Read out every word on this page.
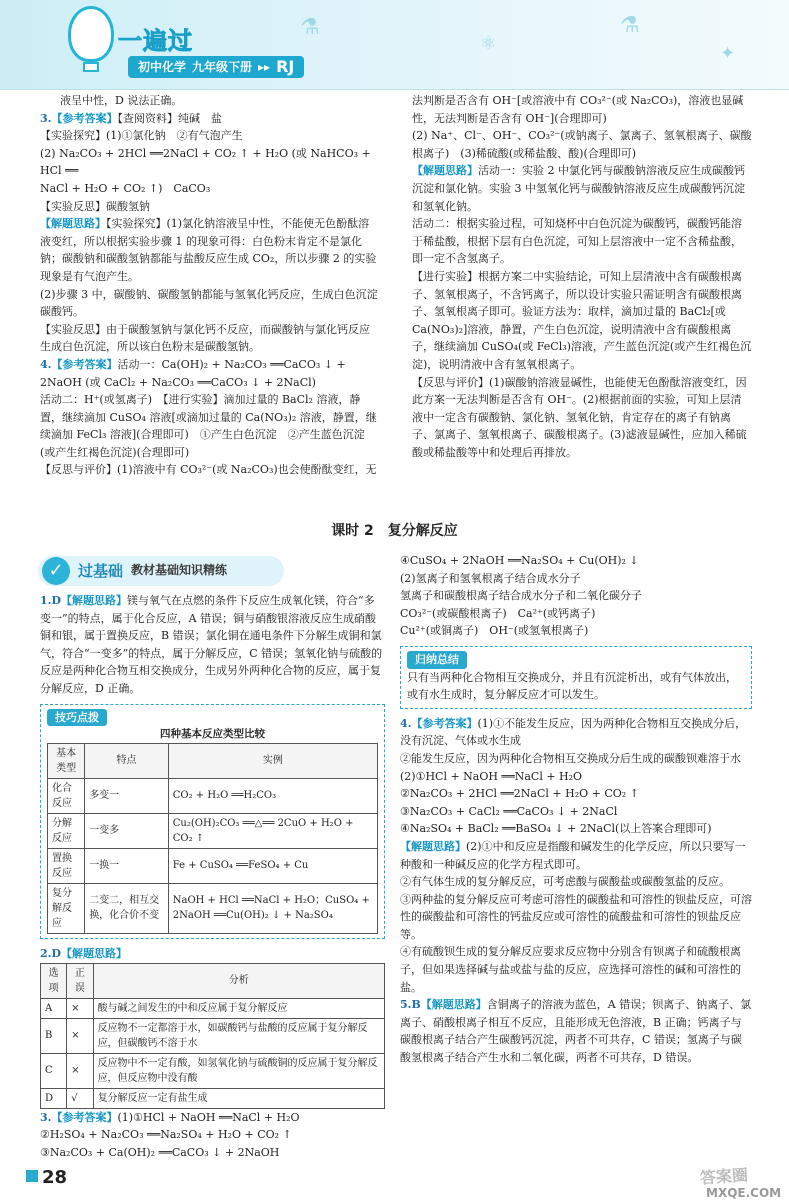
⚗
⚛
⚗
✦
一遍过
初中化学 九年级下册 ▸▸ RJ

液呈中性，D 说法正确。

3.【参考答案】【查阅资料】纯碱　盐

【实验探究】(1)①氯化钠　②有气泡产生

(2) Na₂CO₃ + 2HCl ══2NaCl + CO₂ ↑ + H₂O (或 NaHCO₃ + HCl ══

NaCl + H₂O + CO₂ ↑)　CaCO₃

【实验反思】碳酸氢钠

【解题思路】【实验探究】(1)氯化钠溶液呈中性，不能使无色酚酞溶液变红，所以根据实验步骤 1 的现象可得：白色粉末肯定不是氯化钠；碳酸钠和碳酸氢钠都能与盐酸反应生成 CO₂，所以步骤 2 的实验现象是有气泡产生。

(2)步骤 3 中，碳酸钠、碳酸氢钠都能与氢氧化钙反应，生成白色沉淀碳酸钙。

【实验反思】由于碳酸氢钠与氯化钙不反应，而碳酸钠与氯化钙反应生成白色沉淀，所以该白色粉末是碳酸氢钠。

4.【参考答案】活动一：Ca(OH)₂ + Na₂CO₃ ══CaCO₃ ↓ + 2NaOH (或 CaCl₂ + Na₂CO₃ ══CaCO₃ ↓ + 2NaCl)

活动二：H⁺(或氢离子)　【进行实验】滴加过量的 BaCl₂ 溶液，静置，继续滴加 CuSO₄ 溶液[或滴加过量的 Ca(NO₃)₂ 溶液，静置，继续滴加 FeCl₃ 溶液](合理即可)　①产生白色沉淀　②产生蓝色沉淀(或产生红褐色沉淀)(合理即可)

【反思与评价】(1)溶液中有 CO₃²⁻(或 Na₂CO₃)也会使酚酞变红，无

法判断是否含有 OH⁻[或溶液中有 CO₃²⁻(或 Na₂CO₃)，溶液也显碱性，无法判断是否含有 OH⁻](合理即可)

(2) Na⁺、Cl⁻、OH⁻、CO₃²⁻(或钠离子、氯离子、氢氧根离子、碳酸根离子)　(3)稀硫酸(或稀盐酸、酸)(合理即可)

【解题思路】活动一：实验 2 中氯化钙与碳酸钠溶液反应生成碳酸钙沉淀和氯化钠。实验 3 中氢氧化钙与碳酸钠溶液反应生成碳酸钙沉淀和氢氧化钠。

活动二：根据实验过程，可知烧杯中白色沉淀为碳酸钙，碳酸钙能溶于稀盐酸，根据下层有白色沉淀，可知上层溶液中一定不含稀盐酸，即一定不含氢离子。

【进行实验】根据方案二中实验结论，可知上层清液中含有碳酸根离子、氢氧根离子，不含钙离子，所以设计实验只需证明含有碳酸根离子、氢氧根离子即可。验证方法为：取样，滴加过量的 BaCl₂[或 Ca(NO₃)₂]溶液，静置，产生白色沉淀，说明清液中含有碳酸根离子，继续滴加 CuSO₄(或 FeCl₃)溶液，产生蓝色沉淀(或产生红褐色沉淀)，说明清液中含有氢氧根离子。

【反思与评价】(1)碳酸钠溶液显碱性，也能使无色酚酞溶液变红，因此方案一无法判断是否含有 OH⁻。(2)根据前面的实验，可知上层清液中一定含有碳酸钠、氯化钠、氢氧化钠，肯定存在的离子有钠离子、氯离子、氢氧根离子、碳酸根离子。(3)滤液显碱性，应加入稀硫酸或稀盐酸等中和处理后再排放。

课时 2　复分解反应
✓ 过基础 教材基础知识精练

1.D【解题思路】镁与氧气在点燃的条件下反应生成氧化镁，符合“多变一”的特点，属于化合反应，A 错误；铜与硝酸银溶液反应生成硝酸铜和银，属于置换反应，B 错误；氯化铜在通电条件下分解生成铜和氯气，符合“一变多”的特点，属于分解反应，C 错误；氢氧化钠与硫酸的反应是两种化合物互相交换成分，生成另外两种化合物的反应，属于复分解反应，D 正确。

技巧点拨
四种基本反应类型比较
基本类型	特点	实例
化合反应	多变一	CO₂ + H₂O ══H₂CO₃
分解反应	一变多	Cu₂(OH)₂CO₃ ══△══ 2CuO + H₂O + CO₂ ↑
置换反应	一换一	Fe + CuSO₄ ══FeSO₄ + Cu
复分解反应	二变二，相互交换，化合价不变	NaOH + HCl ══NaCl + H₂O；CuSO₄ + 2NaOH ══Cu(OH)₂ ↓ + Na₂SO₄

2.D【解题思路】

选项	正误	分析
A	×	酸与碱之间发生的中和反应属于复分解反应
B	×	反应物不一定都溶于水，如碳酸钙与盐酸的反应属于复分解反应，但碳酸钙不溶于水
C	×	反应物中不一定有酸，如氢氧化钠与硫酸铜的反应属于复分解反应，但反应物中没有酸
D	√	复分解反应一定有盐生成

3.【参考答案】(1)①HCl + NaOH ══NaCl + H₂O

②H₂SO₄ + Na₂CO₃ ══Na₂SO₄ + H₂O + CO₂ ↑

③Na₂CO₃ + Ca(OH)₂ ══CaCO₃ ↓ + 2NaOH

④CuSO₄ + 2NaOH ══Na₂SO₄ + Cu(OH)₂ ↓

(2)氢离子和氢氧根离子结合成水分子

氢离子和碳酸根离子结合成水分子和二氧化碳分子

CO₃²⁻(或碳酸根离子)　Ca²⁺(或钙离子)

Cu²⁺(或铜离子)　OH⁻(或氢氧根离子)

归纳总结

只有当两种化合物相互交换成分，并且有沉淀析出，或有气体放出，或有水生成时，复分解反应才可以发生。

4.【参考答案】(1)①不能发生反应，因为两种化合物相互交换成分后，没有沉淀、气体或水生成

②能发生反应，因为两种化合物相互交换成分后生成的碳酸钡难溶于水

(2)①HCl + NaOH ══NaCl + H₂O

②Na₂CO₃ + 2HCl ══2NaCl + H₂O + CO₂ ↑

③Na₂CO₃ + CaCl₂ ══CaCO₃ ↓ + 2NaCl

④Na₂SO₄ + BaCl₂ ══BaSO₄ ↓ + 2NaCl(以上答案合理即可)

【解题思路】(2)①中和反应是指酸和碱发生的化学反应，所以只要写一种酸和一种碱反应的化学方程式即可。

②有气体生成的复分解反应，可考虑酸与碳酸盐或碳酸氢盐的反应。

③两种盐的复分解反应可考虑可溶性的碳酸盐和可溶性的钡盐反应，可溶性的碳酸盐和可溶性的钙盐反应或可溶性的硫酸盐和可溶性的钡盐反应等。

④有硫酸钡生成的复分解反应要求反应物中分别含有钡离子和硫酸根离子，但如果选择碱与盐或盐与盐的反应，应选择可溶性的碱和可溶性的盐。

5.B【解题思路】含铜离子的溶液为蓝色，A 错误；钡离子、钠离子、氯离子、硝酸根离子相互不反应，且能形成无色溶液，B 正确；钙离子与碳酸根离子结合产生碳酸钙沉淀，两者不可共存，C 错误；氢离子与碳酸氢根离子结合产生水和二氧化碳，两者不可共存，D 错误。

28	答案圈
MXQE.COM
